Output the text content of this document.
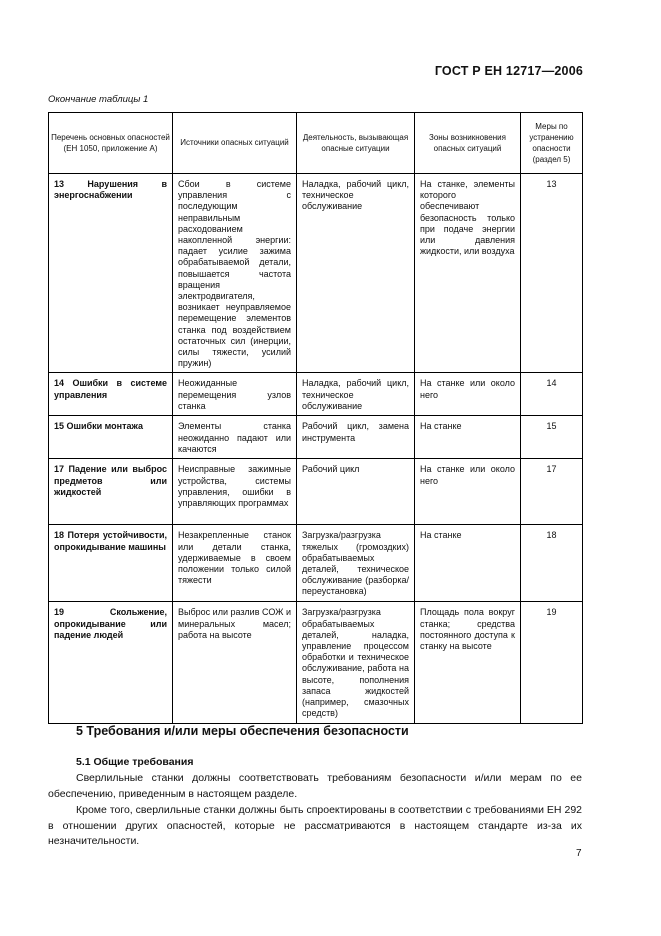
ГОСТ Р ЕН 12717—2006
Окончание таблицы 1
Перечень основных опасностей (ЕН 1050, приложение А)	Источники опасных ситуаций	Деятельность, вызывающая опасные ситуации	Зоны возникновения опасных ситуаций	Меры по устранению опасности (раздел 5)

13 Нарушения в энергоснабжении	Сбои в системе управления с последующим неправильным расходованием накопленной энергии: падает усилие зажима обрабатываемой детали, повышается частота вращения электродвигателя, возникает неуправляемое перемещение элементов станка под воздействием остаточных сил (инерции, силы тяжести, усилий пружин)	Наладка, рабочий цикл, техническое обслуживание	На станке, элементы которого обеспечивают безопасность только при подаче энергии или давления жидкости, или воздуха	13

14 Ошибки в системе управления	Неожиданные перемещения узлов станка	Наладка, рабочий цикл, техническое обслуживание	На станке или около него	14

15 Ошибки монтажа	Элементы станка неожиданно падают или качаются	Рабочий цикл, замена инструмента	На станке	15

17 Падение или выброс предметов или жидкостей	Неисправные зажимные устройства, системы управления, ошибки в управляющих программах	Рабочий цикл	На станке или около него	17

18 Потеря устойчивости, опрокидывание машины	Незакрепленные станок или детали станка, удерживаемые в своем положении только силой тяжести	Загрузка/разгрузка тяжелых (громоздких) обрабатываемых деталей, техническое обслуживание (разборка/переустановка)	На станке	18

19 Скольжение, опрокидывание или падение людей	Выброс или разлив СОЖ и минеральных масел; работа на высоте	Загрузка/разгрузка обрабатываемых деталей, наладка, управление процессом обработки и техническое обслуживание, работа на высоте, пополнения запаса жидкостей (например, смазочных средств)	Площадь пола вокруг станка; средства постоянного доступа к станку на высоте	19
5 Требования и/или меры обеспечения безопасности
5.1 Общие требования
Сверлильные станки должны соответствовать требованиям безопасности и/или мерам по ее обеспечению, приведенным в настоящем разделе.
Кроме того, сверлильные станки должны быть спроектированы в соответствии с требованиями ЕН 292 в отношении других опасностей, которые не рассматриваются в настоящем стандарте из-за их незначительности.
7
